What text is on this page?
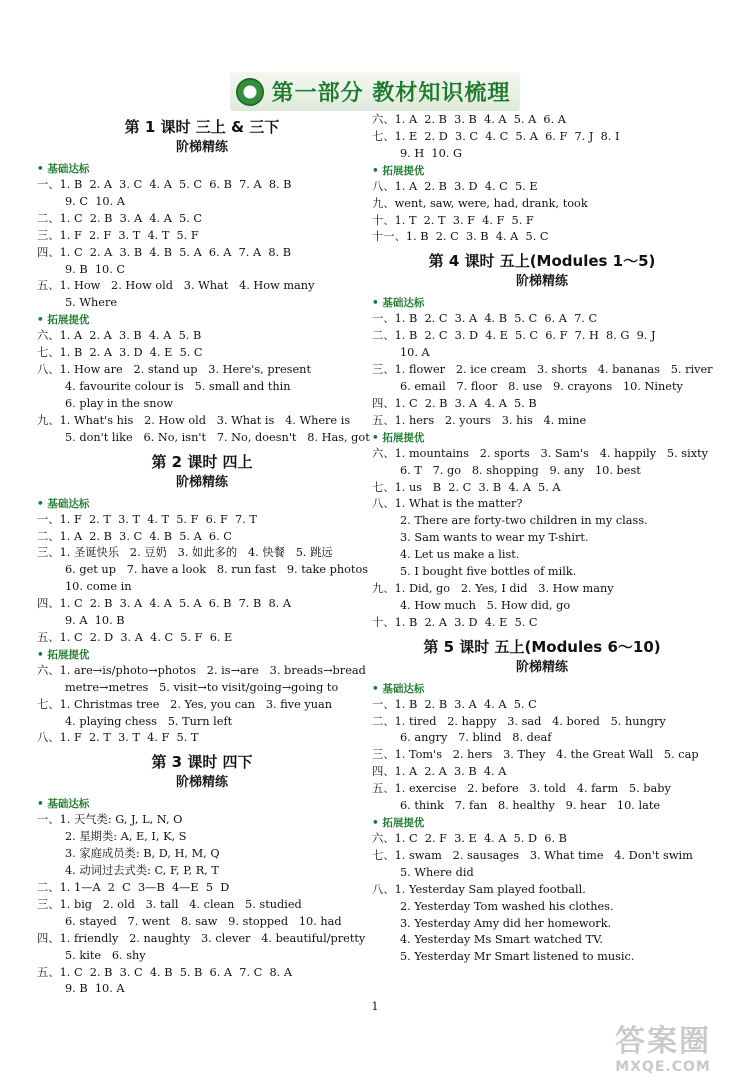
第一部分 教材知识梳理
第 1 课时 三上 & 三下
阶梯精练
• 基础达标
一、1. B  2. A  3. C  4. A  5. C  6. B  7. A  8. B
9. C  10. A
二、1. C  2. B  3. A  4. A  5. C
三、1. F  2. F  3. T  4. T  5. F
四、1. C  2. A  3. B  4. B  5. A  6. A  7. A  8. B
9. B  10. C
五、1. How   2. How old   3. What   4. How many
5. Where
• 拓展提优
六、1. A  2. A  3. B  4. A  5. B
七、1. B  2. A  3. D  4. E  5. C
八、1. How are   2. stand up   3. Here's, present
4. favourite colour is   5. small and thin
6. play in the snow
九、1. What's his   2. How old   3. What is   4. Where is
5. don't like   6. No, isn't   7. No, doesn't   8. Has, got
第 2 课时 四上
阶梯精练
• 基础达标
一、1. F  2. T  3. T  4. T  5. F  6. F  7. T
二、1. A  2. B  3. C  4. B  5. A  6. C
三、1. 圣诞快乐   2. 豆奶   3. 如此多的   4. 快餐   5. 跳远
6. get up   7. have a look   8. run fast   9. take photos
10. come in
四、1. C  2. B  3. A  4. A  5. A  6. B  7. B  8. A
9. A  10. B
五、1. C  2. D  3. A  4. C  5. F  6. E
• 拓展提优
六、1. are→is/photo→photos   2. is→are   3. breads→bread
metre→metres   5. visit→to visit/going→going to
七、1. Christmas tree   2. Yes, you can   3. five yuan
4. playing chess   5. Turn left
八、1. F  2. T  3. T  4. F  5. T
第 3 课时 四下
阶梯精练
• 基础达标
一、1. 天气类: G, J, L, N, O
2. 星期类: A, E, I, K, S
3. 家庭成员类: B, D, H, M, Q
4. 动词过去式类: C, F, P, R, T
二、1. 1—A  2  C  3—B  4—E  5  D
三、1. big   2. old   3. tall   4. clean   5. studied
6. stayed   7. went   8. saw   9. stopped   10. had
四、1. friendly   2. naughty   3. clever   4. beautiful/pretty
5. kite   6. shy
五、1. C  2. B  3. C  4. B  5. B  6. A  7. C  8. A
9. B  10. A
六、1. A  2. B  3. B  4. A  5. A  6. A
七、1. E  2. D  3. C  4. C  5. A  6. F  7. J  8. I
9. H  10. G
• 拓展提优
八、1. A  2. B  3. D  4. C  5. E
九、went, saw, were, had, drank, took
十、1. T  2. T  3. F  4. F  5. F
十一、1. B  2. C  3. B  4. A  5. C
第 4 课时 五上(Modules 1～5)
阶梯精练
• 基础达标
一、1. B  2. C  3. A  4. B  5. C  6. A  7. C
二、1. B  2. C  3. D  4. E  5. C  6. F  7. H  8. G  9. J
10. A
三、1. flower   2. ice cream   3. shorts   4. bananas   5. river
6. email   7. floor   8. use   9. crayons   10. Ninety
四、1. C  2. B  3. A  4. A  5. B
五、1. hers   2. yours   3. his   4. mine
• 拓展提优
六、1. mountains   2. sports   3. Sam's   4. happily   5. sixty
6. T   7. go   8. shopping   9. any   10. best
七、1. us   B  2. C  3. B  4. A  5. A
八、1. What is the matter?
2. There are forty-two children in my class.
3. Sam wants to wear my T-shirt.
4. Let us make a list.
5. I bought five bottles of milk.
九、1. Did, go   2. Yes, I did   3. How many
4. How much   5. How did, go
十、1. B  2. A  3. D  4. E  5. C
第 5 课时 五上(Modules 6～10)
阶梯精练
• 基础达标
一、1. B  2. B  3. A  4. A  5. C
二、1. tired   2. happy   3. sad   4. bored   5. hungry
6. angry   7. blind   8. deaf
三、1. Tom's   2. hers   3. They   4. the Great Wall   5. cap
四、1. A  2. A  3. B  4. A
五、1. exercise   2. before   3. told   4. farm   5. baby
6. think   7. fan   8. healthy   9. hear   10. late
• 拓展提优
六、1. C  2. F  3. E  4. A  5. D  6. B
七、1. swam   2. sausages   3. What time   4. Don't swim
5. Where did
八、1. Yesterday Sam played football.
2. Yesterday Tom washed his clothes.
3. Yesterday Amy did her homework.
4. Yesterday Ms Smart watched TV.
5. Yesterday Mr Smart listened to music.
1
答案圈
MXQE.COM
